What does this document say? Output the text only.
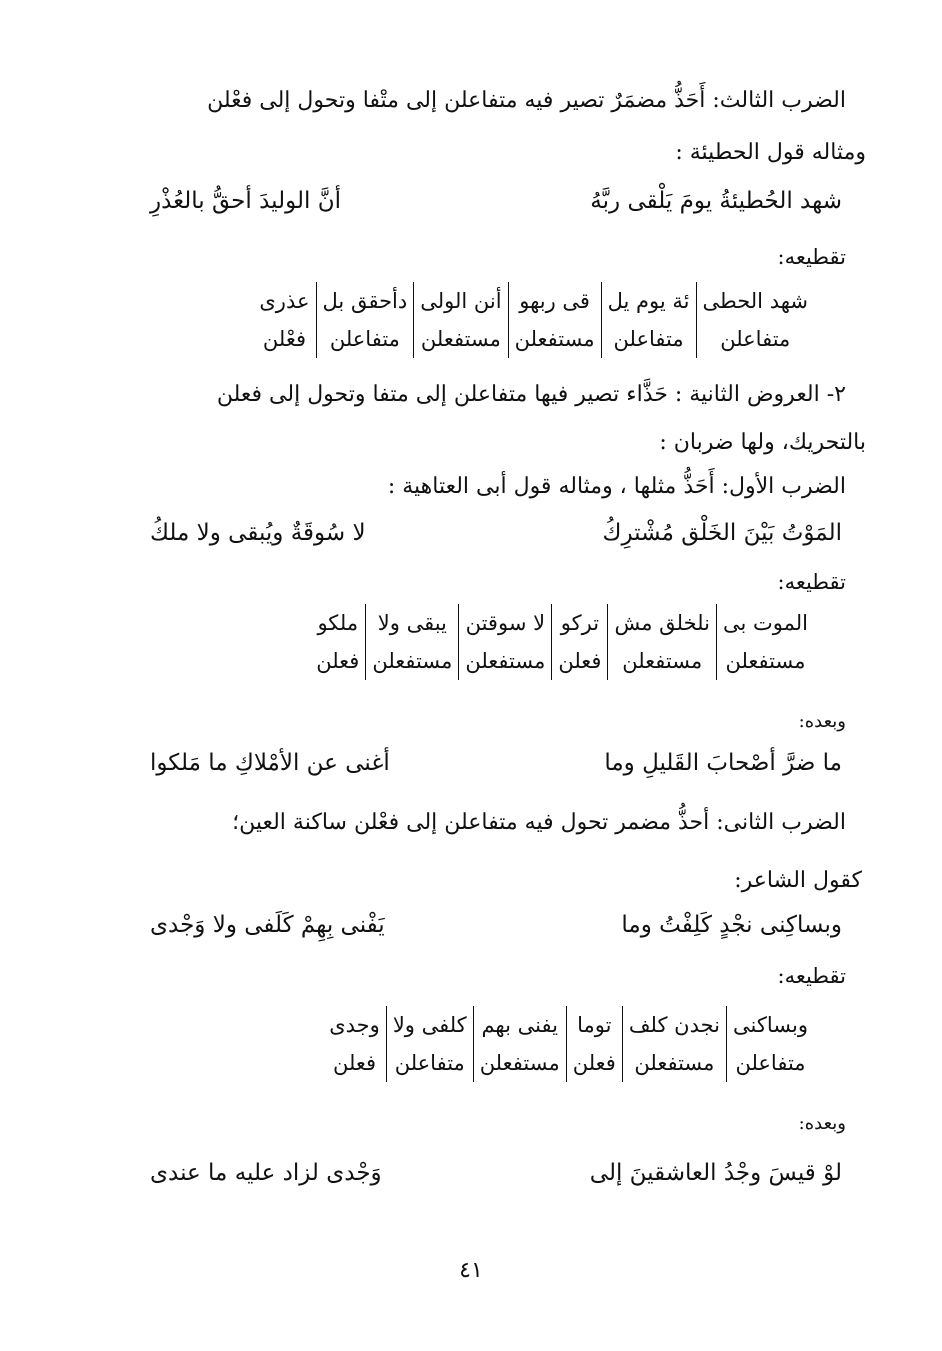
الضرب الثالث: أَحَذُّ مضمَرٌ تصير فيه متفاعلن إلى متْفا وتحول إلى فعْلن
ومثاله قول الحطيئة :
شهد الحُطيئةُ يومَ يَلْقى ربَّهُ
أنَّ الوليدَ أحقُّ بالعُذْرِ
تقطيعه:
شهد الحطى	ئة يوم يل	قى ربهو	أنن الولى	دأحقق بل	عذرى
متفاعلن	متفاعلن	مستفعلن	مستفعلن	متفاعلن	فعْلن
٢- العروض الثانية : حَذَّاء تصير فيها متفاعلن إلى متفا وتحول إلى فعلن
بالتحريك، ولها ضربان :
الضرب الأول: أَحَذُّ مثلها ، ومثاله قول أبى العتاهية :
المَوْتُ بَيْنَ الخَلْق مُشْترِكُ
لا سُوقَةٌ ويُبقى ولا ملكُ
تقطيعه:
الموت بى	نلخلق مش	تركو	لا سوقتن	يبقى ولا	ملكو
مستفعلن	مستفعلن	فعلن	مستفعلن	مستفعلن	فعلن
وبعده:
ما ضرَّ أصْحابَ القَليلِ وما
أغنى عن الأمْلاكِ ما مَلكوا
الضرب الثانى: أحذُّ مضمر تحول فيه متفاعلن إلى فعْلن ساكنة العين؛
كقول الشاعر:
وبساكِنى نجْدٍ كَلِفْتُ وما
يَفْنى بِهِمْ كَلَفى ولا وَجْدى
تقطيعه:
وبساكنى	نجدن كلف	توما	يفنى بهم	كلفى ولا	وجدى
متفاعلن	مستفعلن	فعلن	مستفعلن	متفاعلن	فعلن
وبعده:
لوْ قيسَ وجْدُ العاشقينَ إلى
وَجْدى لزاد عليه ما عندى
٤١
